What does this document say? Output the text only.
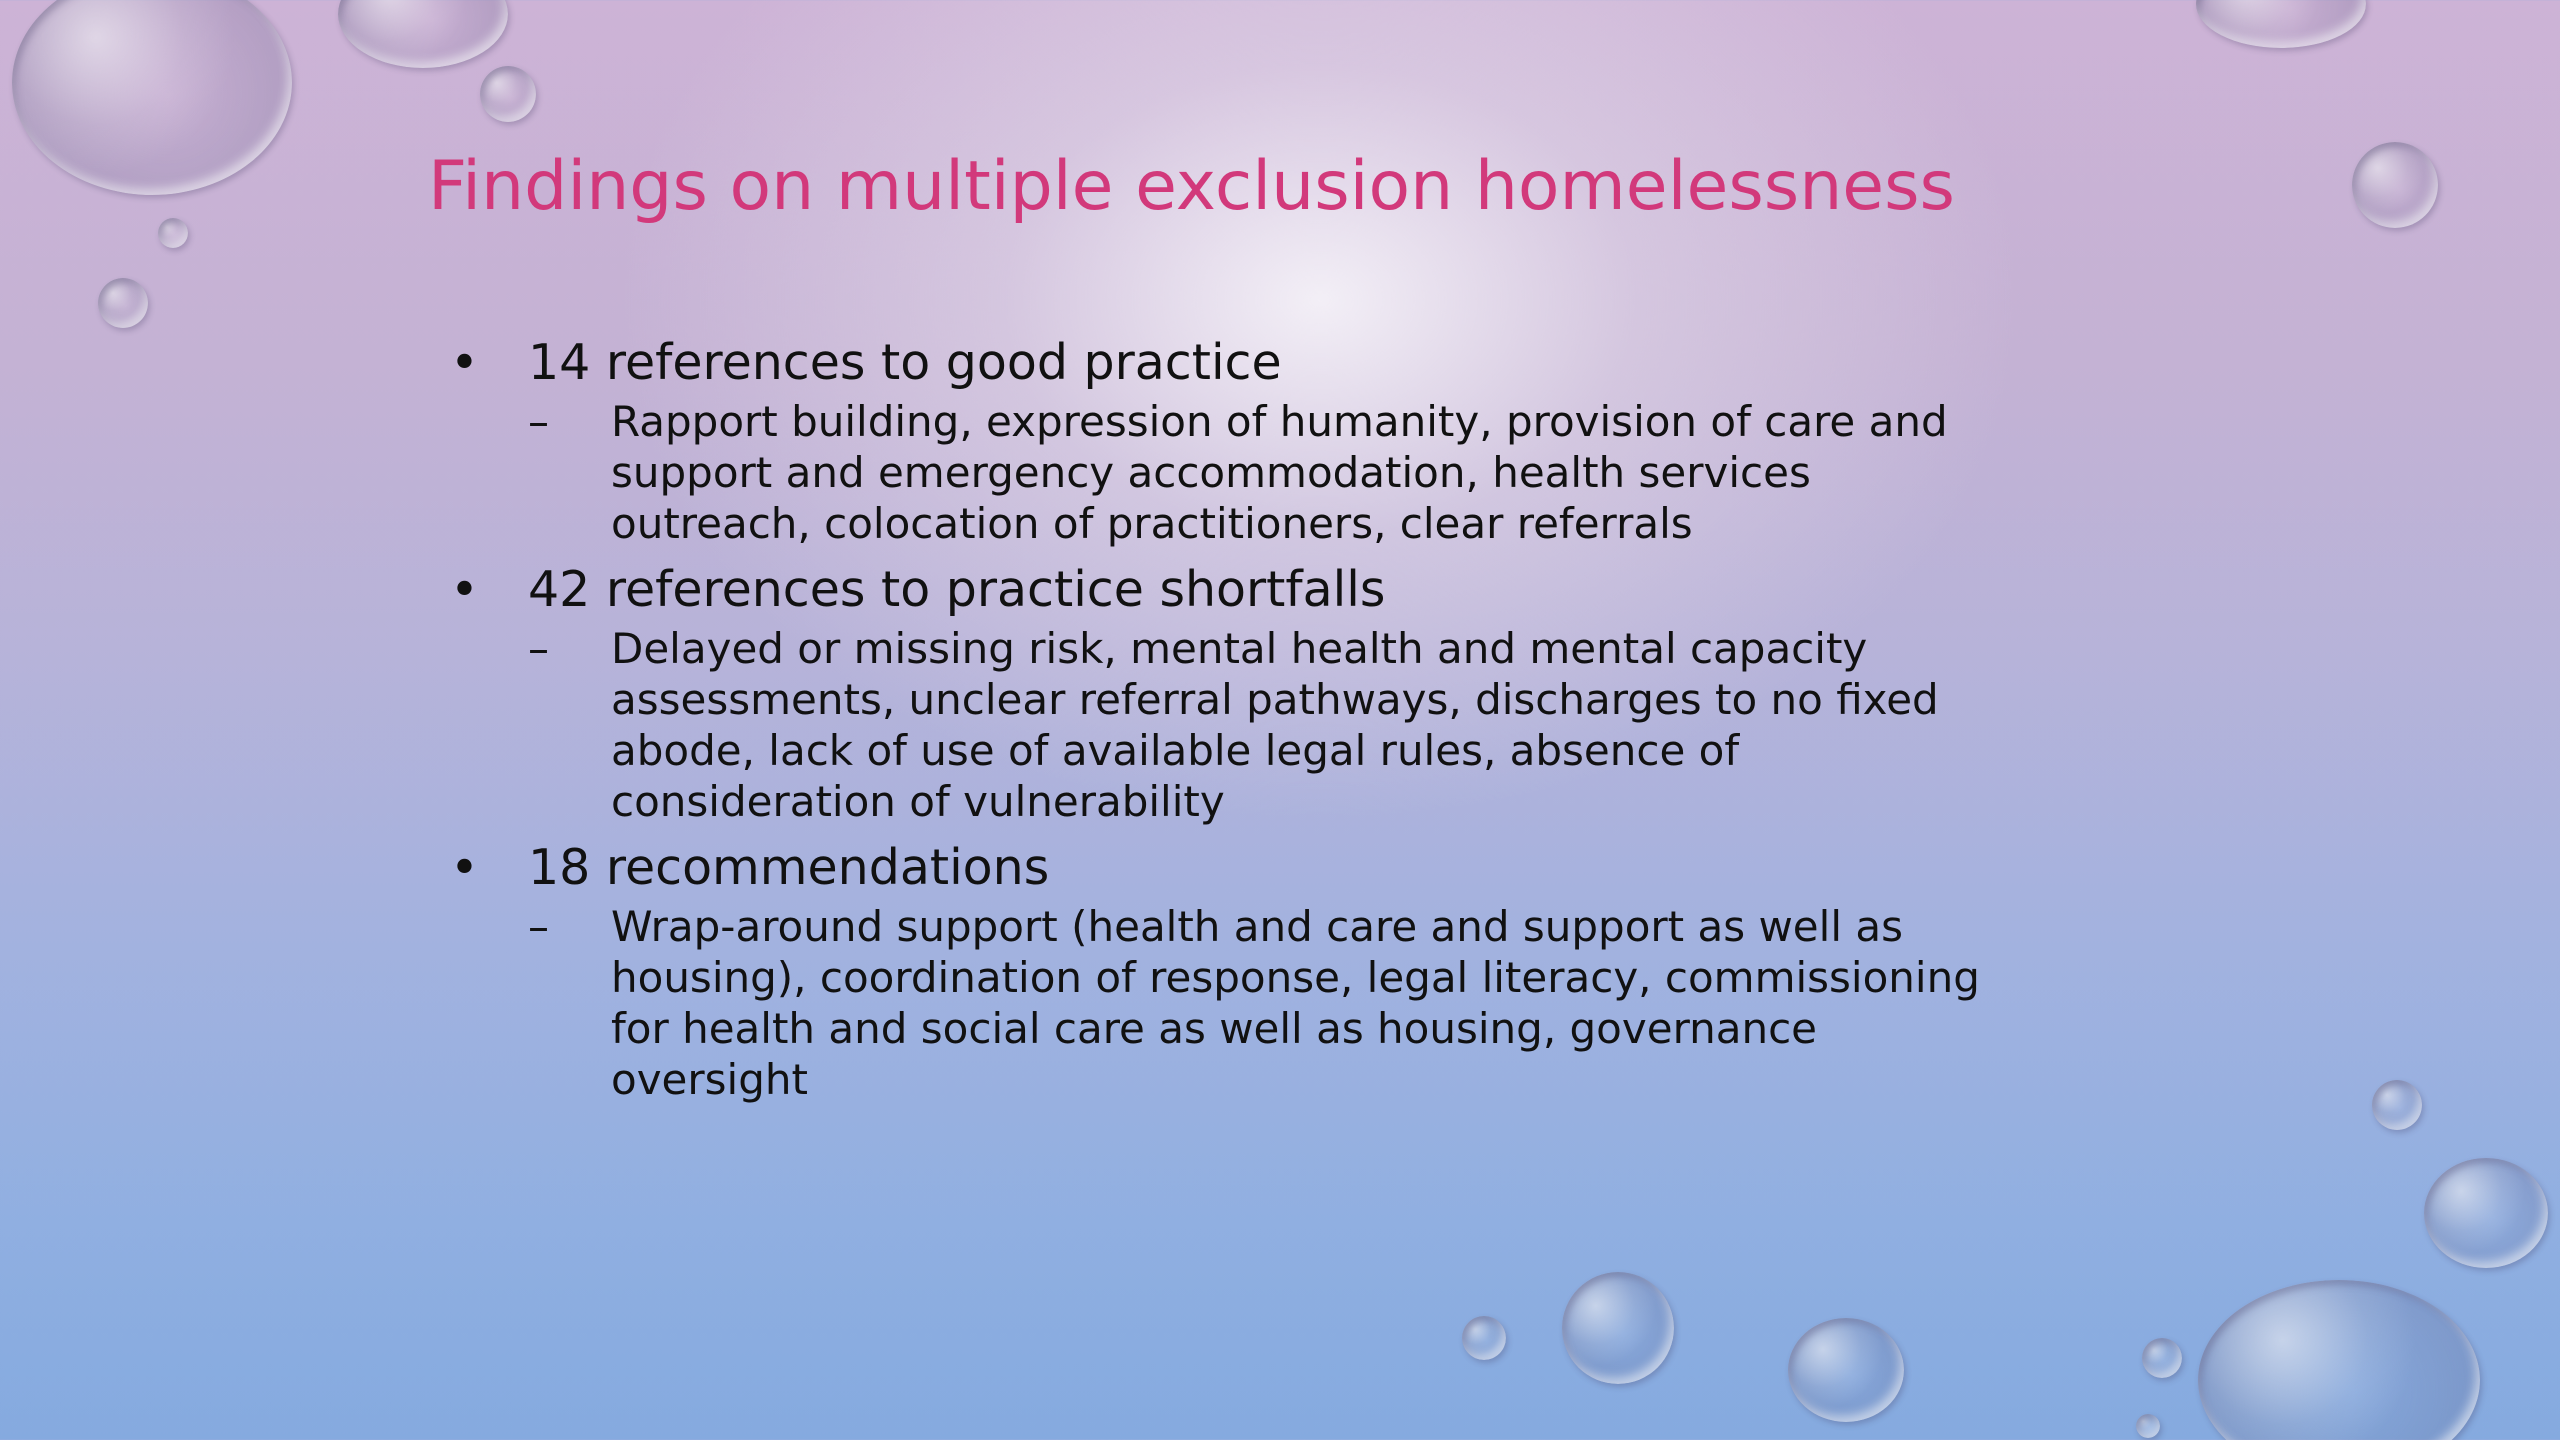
Findings on multiple exclusion homelessness
• 14 references to good practice
– Rapport building, expression of humanity, provision of care and
support and emergency accommodation, health services
outreach, colocation of practitioners, clear referrals
• 42 references to practice shortfalls
– Delayed or missing risk, mental health and mental capacity
assessments, unclear referral pathways, discharges to no fixed
abode, lack of use of available legal rules, absence of
consideration of vulnerability
• 18 recommendations
– Wrap-around support (health and care and support as well as
housing), coordination of response, legal literacy, commissioning
for health and social care as well as housing, governance
oversight
